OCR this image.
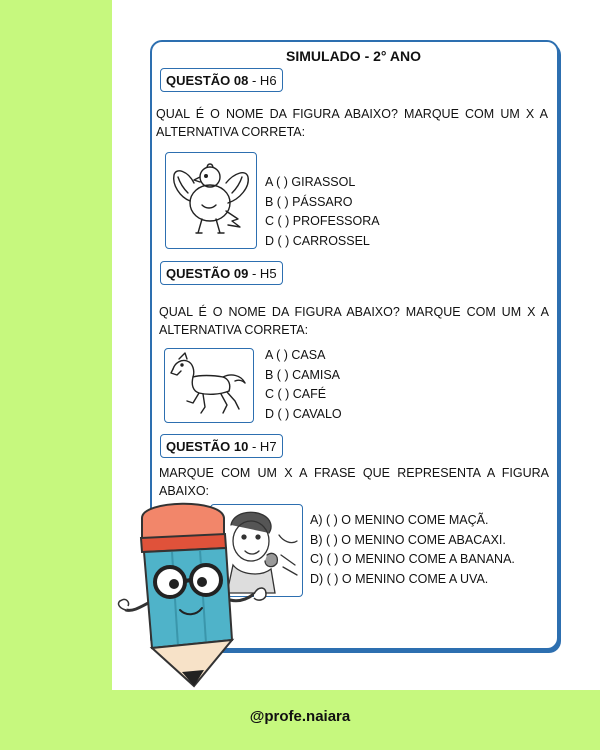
SIMULADO - 2° ANO
QUESTÃO 08 - H6
QUAL É O NOME DA FIGURA ABAIXO? MARQUE COM UM X A ALTERNATIVA CORRETA:
A ( ) GIRASSOL
B ( ) PÁSSARO
C ( ) PROFESSORA
D ( ) CARROSSEL
QUESTÃO 09 - H5
QUAL É O NOME DA FIGURA ABAIXO? MARQUE COM UM X A ALTERNATIVA CORRETA:
A ( ) CASA
B ( ) CAMISA
C ( ) CAFÉ
D ( ) CAVALO
QUESTÃO 10 - H7
MARQUE COM UM X A FRASE QUE REPRESENTA A FIGURA ABAIXO:
A) ( ) O MENINO COME MAÇÃ.
B) ( ) O MENINO COME ABACAXI.
C) ( ) O MENINO COME A BANANA.
D) ( ) O MENINO COME A UVA.
@profe.naiara
